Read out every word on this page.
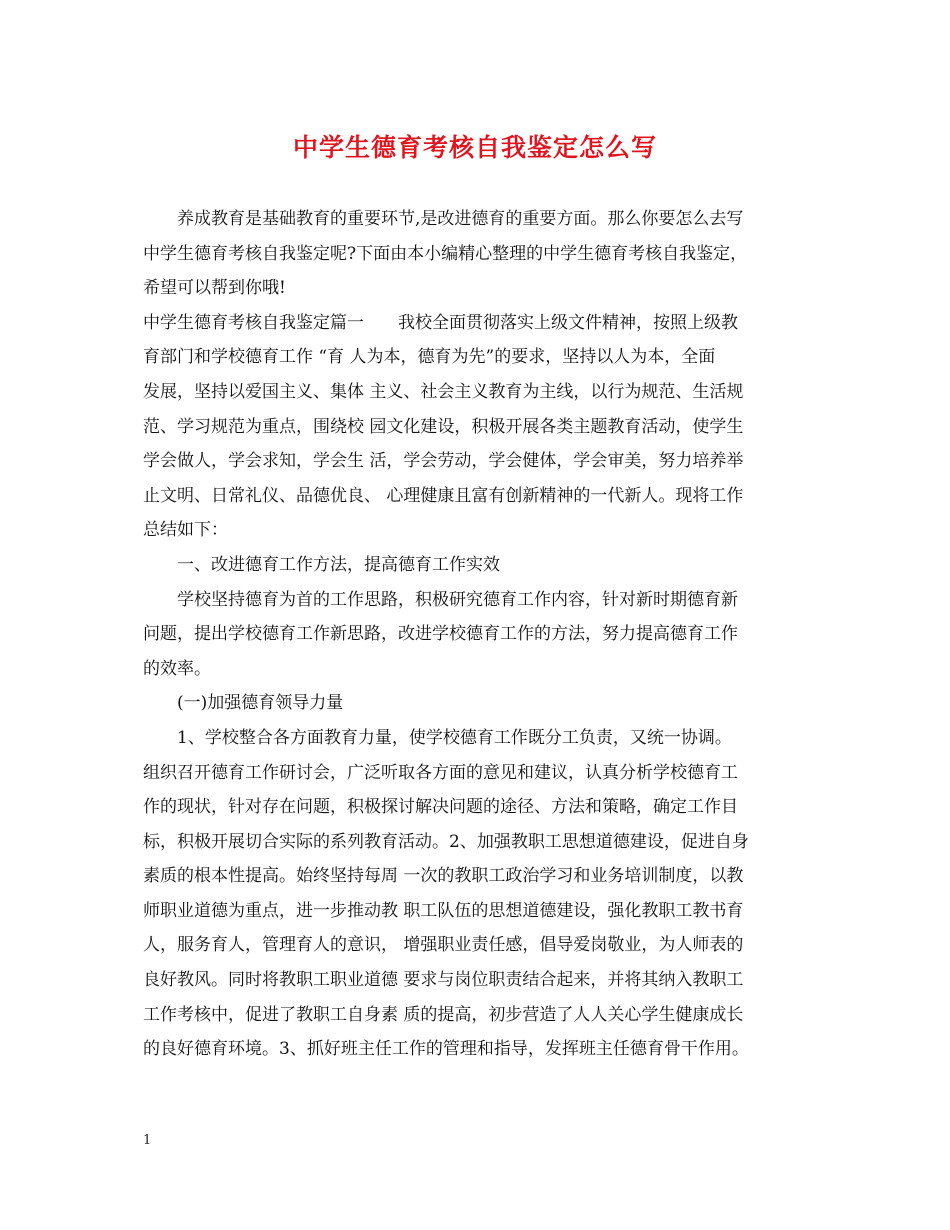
中学生德育考核自我鉴定怎么写
　　养成教育是基础教育的重要环节,是改进德育的重要方面。那么你要怎么去写
中学生德育考核自我鉴定呢?下面由本小编精心整理的中学生德育考核自我鉴定，
希望可以帮到你哦!
中学生德育考核自我鉴定篇一　　我校全面贯彻落实上级文件精神，按照上级教
育部门和学校德育工作 “育 人为本，德育为先”的要求，坚持以人为本，全面
发展，坚持以爱国主义、集体 主义、社会主义教育为主线，以行为规范、生活规
范、学习规范为重点，围绕校 园文化建设，积极开展各类主题教育活动，使学生
学会做人，学会求知，学会生 活，学会劳动，学会健体，学会审美，努力培养举
止文明、日常礼仪、品德优良、 心理健康且富有创新精神的一代新人。现将工作
总结如下：
　　一、改进德育工作方法，提高德育工作实效
　　学校坚持德育为首的工作思路，积极研究德育工作内容，针对新时期德育新
问题，提出学校德育工作新思路，改进学校德育工作的方法，努力提高德育工作
的效率。
　　(一)加强德育领导力量
　　1、学校整合各方面教育力量，使学校德育工作既分工负责，又统一协调。
组织召开德育工作研讨会，广泛听取各方面的意见和建议，认真分析学校德育工
作的现状，针对存在问题，积极探讨解决问题的途径、方法和策略，确定工作目
标，积极开展切合实际的系列教育活动。2、加强教职工思想道德建设，促进自身
素质的根本性提高。始终坚持每周 一次的教职工政治学习和业务培训制度，以教
师职业道德为重点，进一步推动教 职工队伍的思想道德建设，强化教职工教书育
人，服务育人，管理育人的意识， 增强职业责任感，倡导爱岗敬业，为人师表的
良好教风。同时将教职工职业道德 要求与岗位职责结合起来，并将其纳入教职工
工作考核中，促进了教职工自身素 质的提高，初步营造了人人关心学生健康成长
的良好德育环境。3、抓好班主任工作的管理和指导，发挥班主任德育骨干作用。
1
